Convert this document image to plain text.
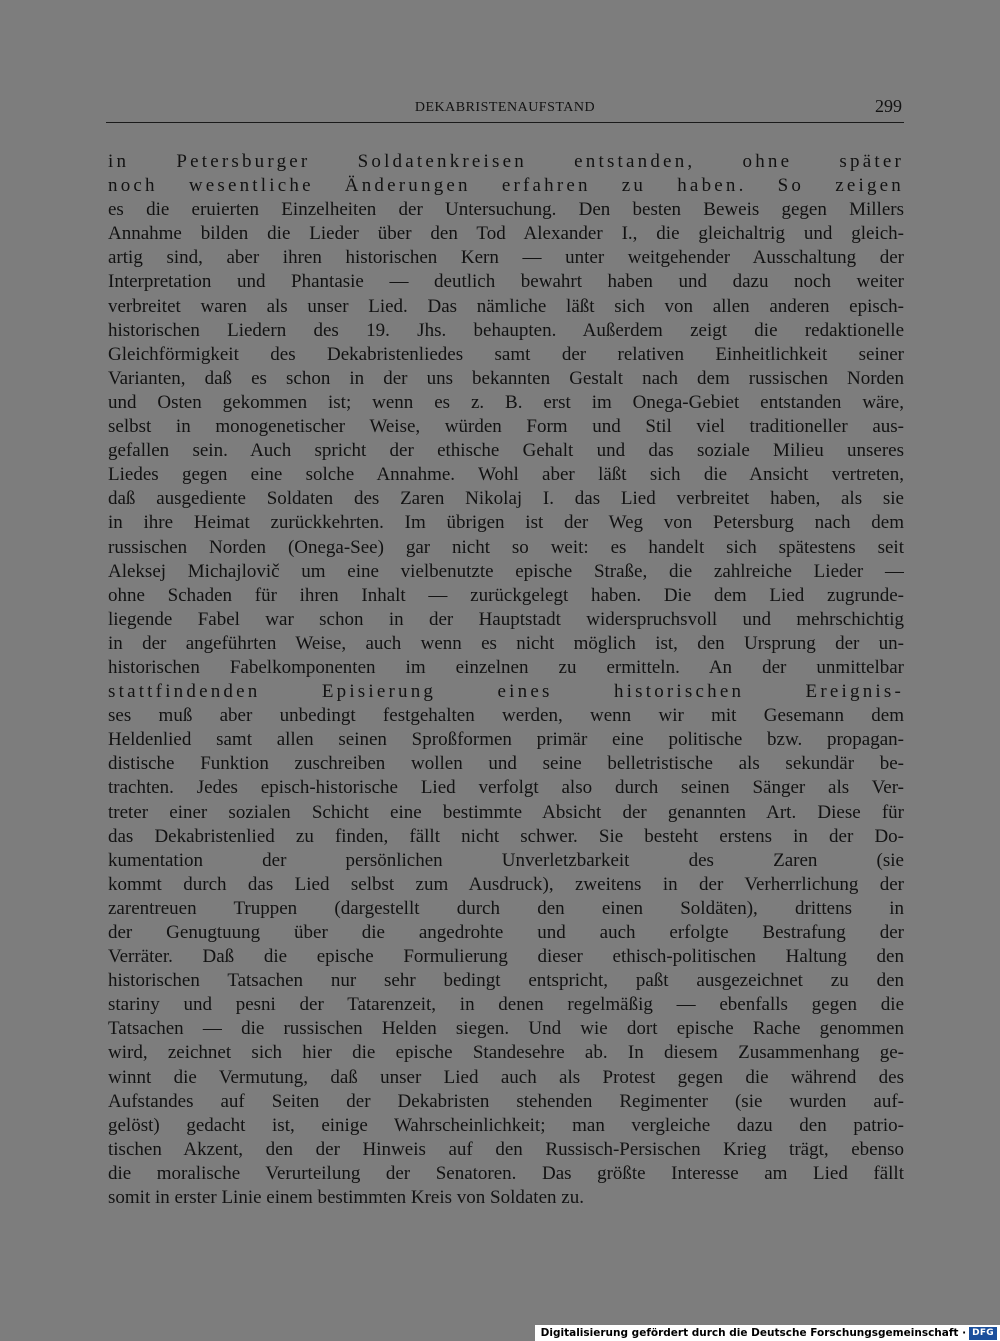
DEKABRISTENAUFSTAND	299
in Petersburger Soldatenkreisen entstanden, ohne später
noch wesentliche Änderungen erfahren zu haben. So zeigen
es die eruierten Einzelheiten der Untersuchung. Den besten Beweis gegen Millers
Annahme bilden die Lieder über den Tod Alexander I., die gleichaltrig und gleich-
artig sind, aber ihren historischen Kern — unter weitgehender Ausschaltung der
Interpretation und Phantasie — deutlich bewahrt haben und dazu noch weiter
verbreitet waren als unser Lied. Das nämliche läßt sich von allen anderen episch-
historischen Liedern des 19. Jhs. behaupten. Außerdem zeigt die redaktionelle
Gleichförmigkeit des Dekabristenliedes samt der relativen Einheitlichkeit seiner
Varianten, daß es schon in der uns bekannten Gestalt nach dem russischen Norden
und Osten gekommen ist; wenn es z. B. erst im Onega-Gebiet entstanden wäre,
selbst in monogenetischer Weise, würden Form und Stil viel traditioneller aus-
gefallen sein. Auch spricht der ethische Gehalt und das soziale Milieu unseres
Liedes gegen eine solche Annahme. Wohl aber läßt sich die Ansicht vertreten,
daß ausgediente Soldaten des Zaren Nikolaj I. das Lied verbreitet haben, als sie
in ihre Heimat zurückkehrten. Im übrigen ist der Weg von Petersburg nach dem
russischen Norden (Onega-See) gar nicht so weit: es handelt sich spätestens seit
Aleksej Michajlovič um eine vielbenutzte epische Straße, die zahlreiche Lieder —
ohne Schaden für ihren Inhalt — zurückgelegt haben. Die dem Lied zugrunde-
liegende Fabel war schon in der Hauptstadt widerspruchsvoll und mehrschichtig
in der angeführten Weise, auch wenn es nicht möglich ist, den Ursprung der un-
historischen Fabelkomponenten im einzelnen zu ermitteln. An der unmittelbar
stattfindenden Episierung eines historischen Ereignis-
ses muß aber unbedingt festgehalten werden, wenn wir mit Gesemann dem
Heldenlied samt allen seinen Sproßformen primär eine politische bzw. propagan-
distische Funktion zuschreiben wollen und seine belletristische als sekundär be-
trachten. Jedes episch-historische Lied verfolgt also durch seinen Sänger als Ver-
treter einer sozialen Schicht eine bestimmte Absicht der genannten Art. Diese für
das Dekabristenlied zu finden, fällt nicht schwer. Sie besteht erstens in der Do-
kumentation der persönlichen Unverletzbarkeit des Zaren (sie
kommt durch das Lied selbst zum Ausdruck), zweitens in der Verherrlichung der
zarentreuen Truppen (dargestellt durch den einen Soldäten), drittens in
der Genugtuung über die angedrohte und auch erfolgte Bestrafung der
Verräter. Daß die epische Formulierung dieser ethisch-politischen Haltung den
historischen Tatsachen nur sehr bedingt entspricht, paßt ausgezeichnet zu den
stariny und pesni der Tatarenzeit, in denen regelmäßig — ebenfalls gegen die
Tatsachen — die russischen Helden siegen. Und wie dort epische Rache genommen
wird, zeichnet sich hier die epische Standesehre ab. In diesem Zusammenhang ge-
winnt die Vermutung, daß unser Lied auch als Protest gegen die während des
Aufstandes auf Seiten der Dekabristen stehenden Regimenter (sie wurden auf-
gelöst) gedacht ist, einige Wahrscheinlichkeit; man vergleiche dazu den patrio-
tischen Akzent, den der Hinweis auf den Russisch-Persischen Krieg trägt, ebenso
die moralische Verurteilung der Senatoren. Das größte Interesse am Lied fällt
somit in erster Linie einem bestimmten Kreis von Soldaten zu.
Digitalisierung gefördert durch die Deutsche Forschungsgemeinschaft · DFG
